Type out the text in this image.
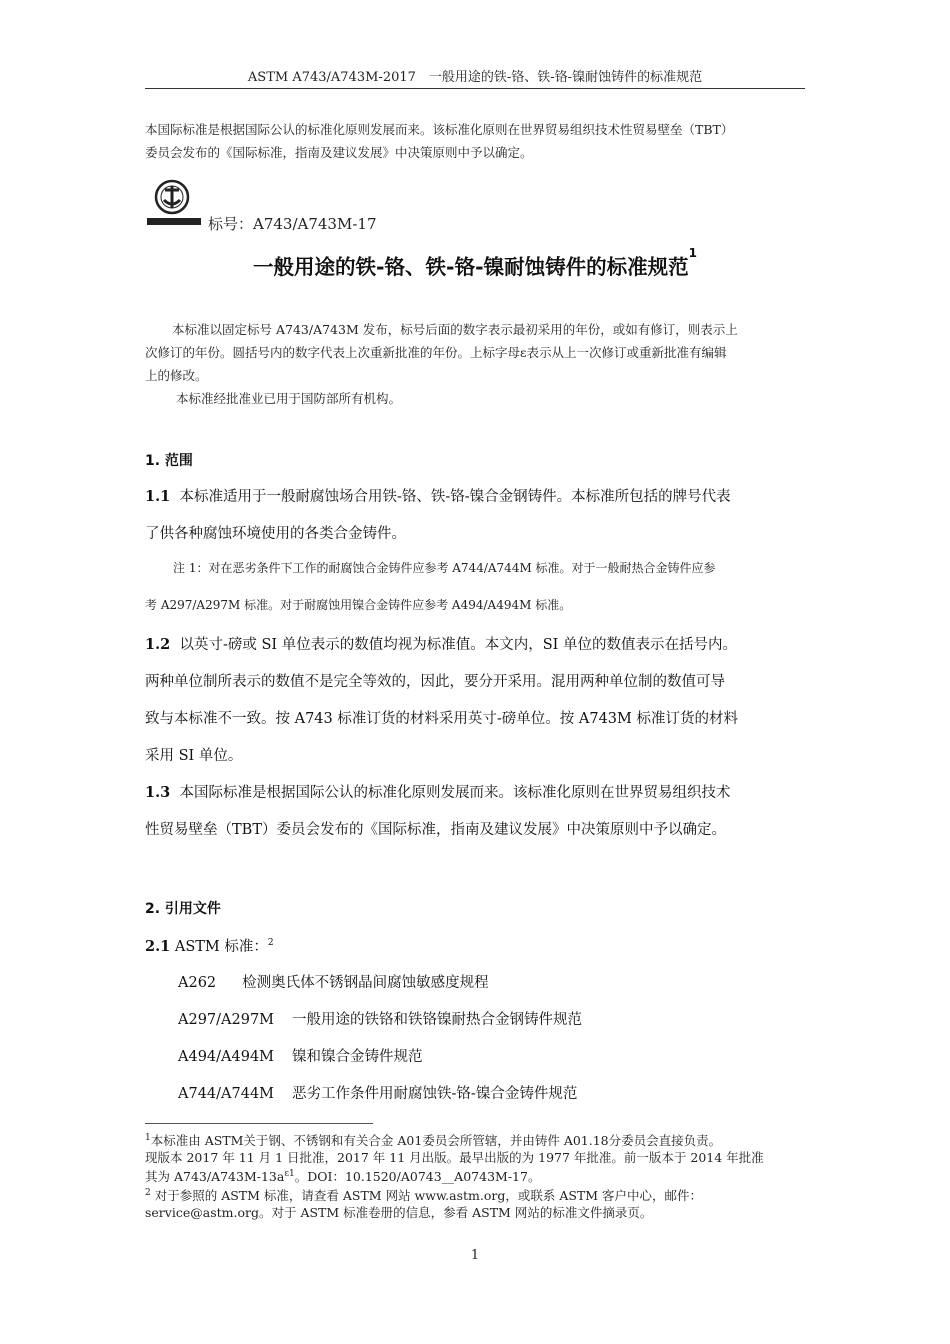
ASTM A743/A743M-2017　一般用途的铁-铬、铁-铬-镍耐蚀铸件的标准规范
本国际标准是根据国际公认的标准化原则发展而来。该标准化原则在世界贸易组织技术性贸易壁垒（TBT）
委员会发布的《国际标准，指南及建议发展》中决策原则中予以确定。
标号：A743/A743M-17
一般用途的铁-铬、铁-铬-镍耐蚀铸件的标准规范$^1$

本标准以固定标号 A743/A743M 发布，标号后面的数字表示最初采用的年份，或如有修订，则表示上

次修订的年份。圆括号内的数字代表上次重新批准的年份。上标字母ε表示从上一次修订或重新批准有编辑

上的修改。

本标准经批准业已用于国防部所有机构。

1. 范围
1.1 本标准适用于一般耐腐蚀场合用铁-铬、铁-铬-镍合金钢铸件。本标准所包括的牌号代表
了供各种腐蚀环境使用的各类合金铸件。
注 1：对在恶劣条件下工作的耐腐蚀合金铸件应参考 A744/A744M 标准。对于一般耐热合金铸件应参
考 A297/A297M 标准。对于耐腐蚀用镍合金铸件应参考 A494/A494M 标准。
1.2 以英寸-磅或 SI 单位表示的数值均视为标准值。本文内，SI 单位的数值表示在括号内。
两种单位制所表示的数值不是完全等效的，因此，要分开采用。混用两种单位制的数值可导
致与本标准不一致。按 A743 标准订货的材料采用英寸-磅单位。按 A743M 标准订货的材料
采用 SI 单位。
1.3 本国际标准是根据国际公认的标准化原则发展而来。该标准化原则在世界贸易组织技术
性贸易壁垒（TBT）委员会发布的《国际标准，指南及建议发展》中决策原则中予以确定。
2. 引用文件
2.1 ASTM 标准：$^2$
A262 检测奥氏体不锈钢晶间腐蚀敏感度规程
A297/A297M 一般用途的铁铬和铁铬镍耐热合金钢铸件规范
A494/A494M 镍和镍合金铸件规范
A744/A744M 恶劣工作条件用耐腐蚀铁-铬-镍合金铸件规范

$^1$本标准由 ASTM关于钢、不锈钢和有关合金 A01委员会所管辖，并由铸件 A01.18分委员会直接负责。

现版本 2017 年 11 月 1 日批准，2017 年 11 月出版。最早出版的为 1977 年批准。前一版本于 2014 年批准

其为 $A743/A743M-13a^{\varepsilon 1}$。DOI：10.1520/A0743__A0743M-17。

$^2$ 对于参照的 ASTM 标准，请查看 ASTM 网站 www.astm.org，或联系 ASTM 客户中心，邮件：

service@astm.org。对于 ASTM 标准卷册的信息，参看 ASTM 网站的标准文件摘录页。

1
